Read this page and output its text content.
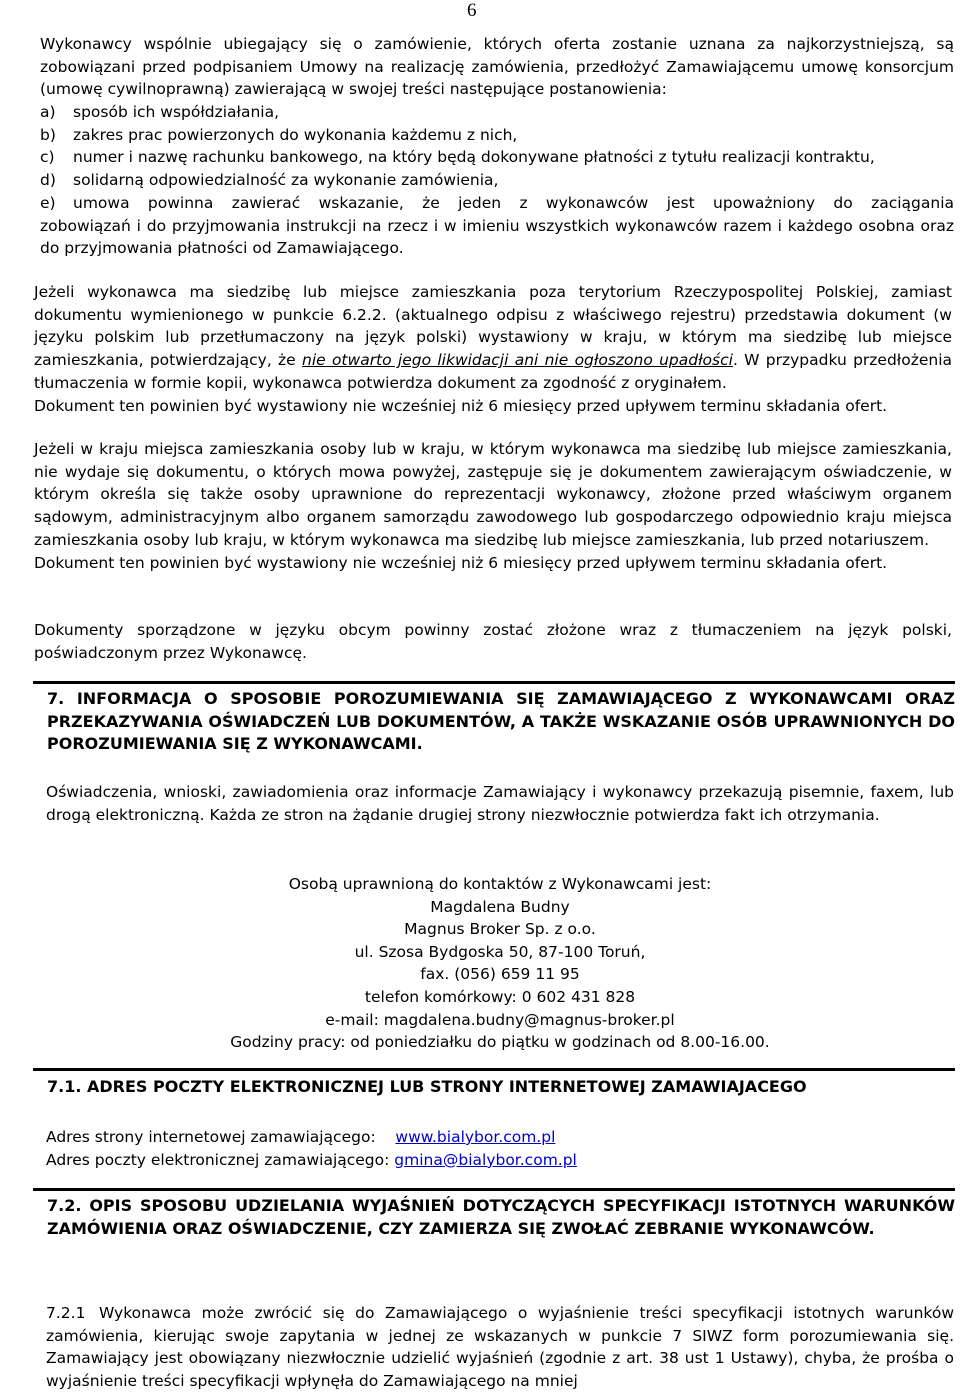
6
Wykonawcy wspólnie ubiegający się o zamówienie, których oferta zostanie uznana za najkorzystniejszą, są zobowiązani przed podpisaniem Umowy na realizację zamówienia, przedłożyć Zamawiającemu umowę konsorcjum (umowę cywilnoprawną) zawierającą w swojej treści następujące postanowienia:
a)	sposób ich współdziałania,
b)	zakres prac powierzonych do wykonania każdemu z nich,
c)	numer i nazwę rachunku bankowego, na który będą dokonywane płatności z tytułu realizacji kontraktu,
d)	solidarną odpowiedzialność za wykonanie zamówienia,
e)	umowa powinna zawierać wskazanie, że jeden z wykonawców jest upoważniony do zaciągania
zobowiązań i do przyjmowania instrukcji na rzecz i w imieniu wszystkich wykonawców razem i każdego osobna oraz do przyjmowania płatności od Zamawiającego.
Jeżeli wykonawca ma siedzibę lub miejsce zamieszkania poza terytorium Rzeczypospolitej Polskiej, zamiast dokumentu wymienionego w punkcie 6.2.2. (aktualnego odpisu z właściwego rejestru) przedstawia dokument (w języku polskim lub przetłumaczony na język polski) wystawiony w kraju, w którym ma siedzibę lub miejsce zamieszkania, potwierdzający, że nie otwarto jego likwidacji ani nie ogłoszono upadłości. W przypadku przedłożenia tłumaczenia w formie kopii, wykonawca potwierdza dokument za zgodność z oryginałem.
Dokument ten powinien być wystawiony nie wcześniej niż 6 miesięcy przed upływem terminu składania ofert.
Jeżeli w kraju miejsca zamieszkania osoby lub w kraju, w którym wykonawca ma siedzibę lub miejsce zamieszkania, nie wydaje się dokumentu, o których mowa powyżej, zastępuje się je dokumentem zawierającym oświadczenie, w którym określa się także osoby uprawnione do reprezentacji wykonawcy, złożone przed właściwym organem sądowym, administracyjnym albo organem samorządu zawodowego lub gospodarczego odpowiednio kraju miejsca zamieszkania osoby lub kraju, w którym wykonawca ma siedzibę lub miejsce zamieszkania, lub przed notariuszem.
Dokument ten powinien być wystawiony nie wcześniej niż 6 miesięcy przed upływem terminu składania ofert.
Dokumenty sporządzone w języku obcym powinny zostać złożone wraz z tłumaczeniem na język polski, poświadczonym przez Wykonawcę.
7. INFORMACJA O SPOSOBIE POROZUMIEWANIA SIĘ ZAMAWIAJĄCEGO Z WYKONAWCAMI ORAZ PRZEKAZYWANIA OŚWIADCZEŃ LUB DOKUMENTÓW, A TAKŻE WSKAZANIE OSÓB UPRAWNIONYCH DO POROZUMIEWANIA SIĘ Z WYKONAWCAMI.
Oświadczenia, wnioski, zawiadomienia oraz informacje Zamawiający i wykonawcy przekazują pisemnie, faxem, lub drogą elektroniczną. Każda ze stron na żądanie drugiej strony niezwłocznie potwierdza fakt ich otrzymania.
Osobą uprawnioną do kontaktów z Wykonawcami jest:
Magdalena Budny
Magnus Broker Sp. z o.o.
ul. Szosa Bydgoska 50, 87-100 Toruń,
fax. (056) 659 11 95
telefon komórkowy: 0 602 431 828
e-mail: magdalena.budny@magnus-broker.pl
Godziny pracy: od poniedziałku do piątku w godzinach od 8.00-16.00.
7.1. ADRES POCZTY ELEKTRONICZNEJ LUB STRONY INTERNETOWEJ ZAMAWIAJACEGO
Adres strony internetowej zamawiającego: www.bialybor.com.pl
Adres poczty elektronicznej zamawiającego: gmina@bialybor.com.pl
7.2. OPIS SPOSOBU UDZIELANIA WYJAŚNIEŃ DOTYCZĄCYCH SPECYFIKACJI ISTOTNYCH WARUNKÓW ZAMÓWIENIA ORAZ OŚWIADCZENIE, CZY ZAMIERZA SIĘ ZWOŁAĆ ZEBRANIE WYKONAWCÓW.
7.2.1 Wykonawca może zwrócić się do Zamawiającego o wyjaśnienie treści specyfikacji istotnych warunków zamówienia, kierując swoje zapytania w jednej ze wskazanych w punkcie 7 SIWZ form porozumiewania się. Zamawiający jest obowiązany niezwłocznie udzielić wyjaśnień (zgodnie z art. 38 ust 1 Ustawy), chyba, że prośba o wyjaśnienie treści specyfikacji wpłynęła do Zamawiającego na mniej
